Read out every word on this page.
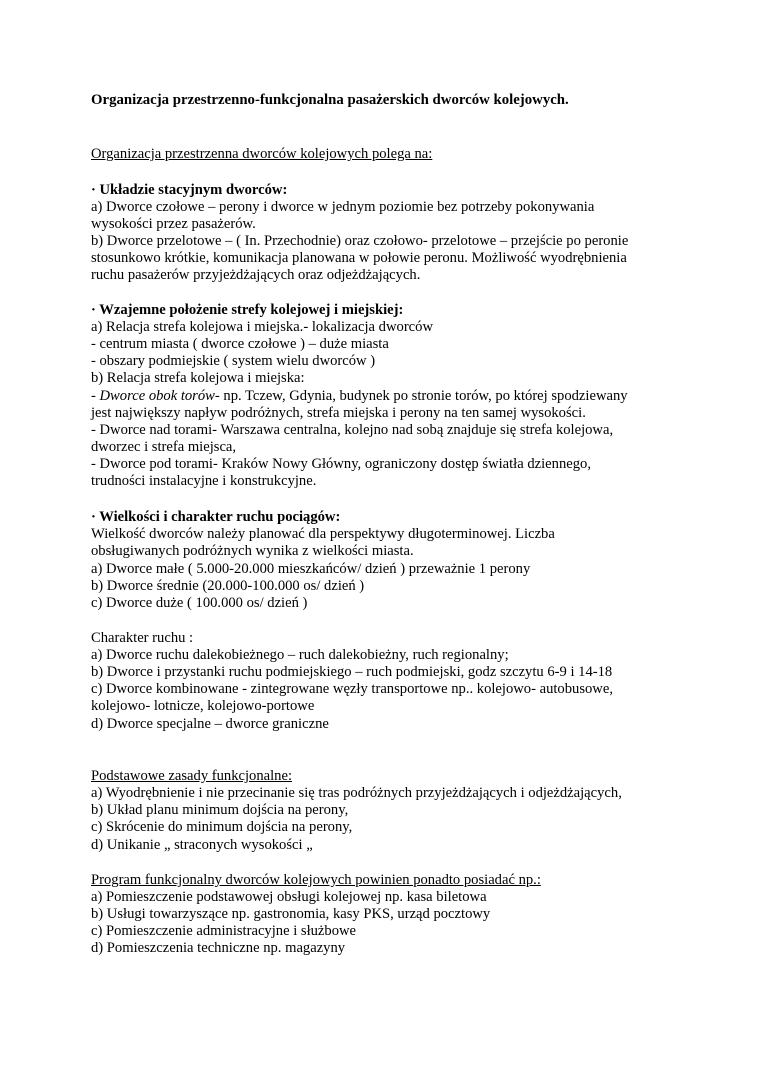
Organizacja przestrzenno-funkcjonalna pasażerskich dworców kolejowych.
Organizacja przestrzenna dworców kolejowych polega na:
· Układzie stacyjnym dworców:
a) Dworce czołowe – perony i dworce w jednym poziomie bez potrzeby pokonywania
wysokości przez pasażerów.
b) Dworce przelotowe – ( In. Przechodnie) oraz czołowo- przelotowe – przejście po peronie
stosunkowo krótkie, komunikacja planowana w połowie peronu. Możliwość wyodrębnienia
ruchu pasażerów przyjeżdżających oraz odjeżdżających.
· Wzajemne położenie strefy kolejowej i miejskiej:
a) Relacja strefa kolejowa i miejska.- lokalizacja dworców
- centrum miasta ( dworce czołowe ) – duże miasta
- obszary podmiejskie ( system wielu dworców )
b) Relacja strefa kolejowa i miejska:
- Dworce obok torów- np. Tczew, Gdynia, budynek po stronie torów, po której spodziewany
jest największy napływ podróżnych, strefa miejska i perony na ten samej wysokości.
- Dworce nad torami- Warszawa centralna, kolejno nad sobą znajduje się strefa kolejowa,
dworzec i strefa miejsca,
- Dworce pod torami- Kraków Nowy Główny, ograniczony dostęp światła dziennego,
trudności instalacyjne i konstrukcyjne.
· Wielkości i charakter ruchu pociągów:
Wielkość dworców należy planować dla perspektywy długoterminowej. Liczba
obsługiwanych podróżnych wynika z wielkości miasta.
a) Dworce małe ( 5.000-20.000 mieszkańców/ dzień ) przeważnie 1 perony
b) Dworce średnie (20.000-100.000 os/ dzień )
c) Dworce duże ( 100.000 os/ dzień )
Charakter ruchu :
a) Dworce ruchu dalekobieżnego – ruch dalekobieżny, ruch regionalny;
b) Dworce i przystanki ruchu podmiejskiego – ruch podmiejski, godz szczytu 6-9 i 14-18
c) Dworce kombinowane - zintegrowane węzły transportowe np.. kolejowo- autobusowe,
kolejowo- lotnicze, kolejowo-portowe
d) Dworce specjalne – dworce graniczne
Podstawowe zasady funkcjonalne:
a) Wyodrębnienie i nie przecinanie się tras podróżnych przyjeżdżających i odjeżdżających,
b) Układ planu minimum dojścia na perony,
c) Skrócenie do minimum dojścia na perony,
d) Unikanie „ straconych wysokości „
Program funkcjonalny dworców kolejowych powinien ponadto posiadać np.:
a) Pomieszczenie podstawowej obsługi kolejowej np. kasa biletowa
b) Usługi towarzyszące np. gastronomia, kasy PKS, urząd pocztowy
c) Pomieszczenie administracyjne i służbowe
d) Pomieszczenia techniczne np. magazyny
